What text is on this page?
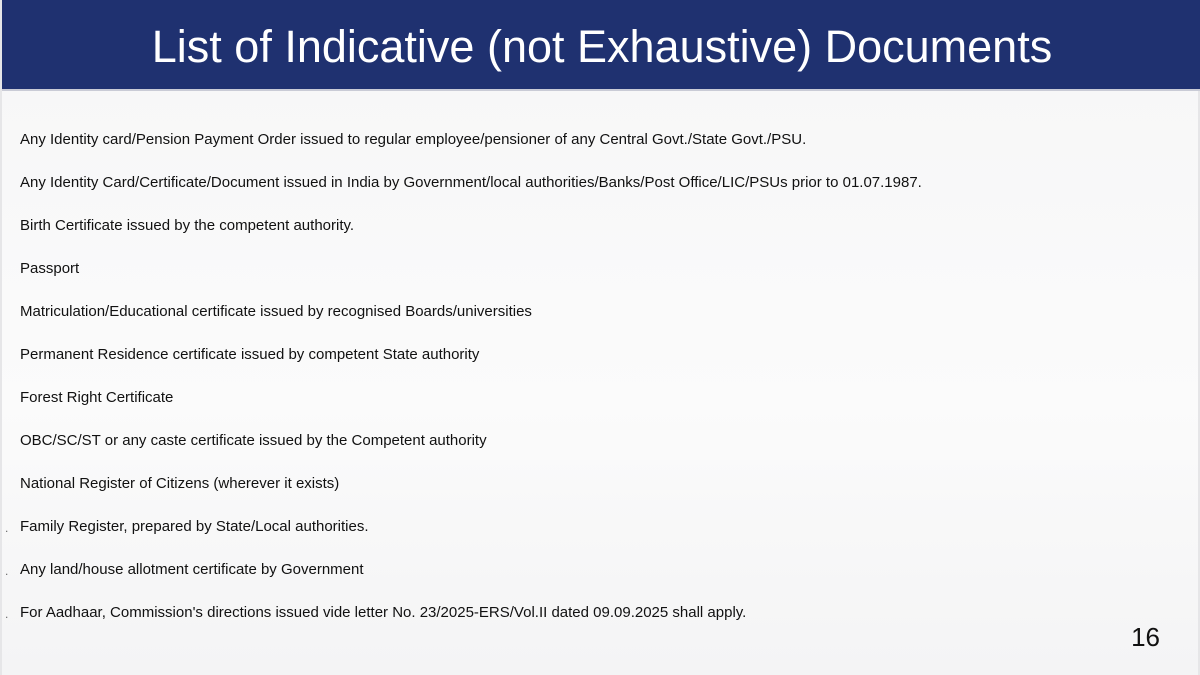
List of Indicative (not Exhaustive) Documents
Any Identity card/Pension Payment Order issued to regular employee/pensioner of any Central Govt./State Govt./PSU.
Any Identity Card/Certificate/Document issued in India by Government/local authorities/Banks/Post Office/LIC/PSUs prior to 01.07.1987.
Birth Certificate issued by the competent authority.
Passport
Matriculation/Educational certificate issued by recognised Boards/universities
Permanent Residence certificate issued by competent State authority
Forest Right Certificate
OBC/SC/ST or any caste certificate issued by the Competent authority
National Register of Citizens (wherever it exists)
. Family Register, prepared by State/Local authorities.
. Any land/house allotment certificate by Government
. For Aadhaar, Commission's directions issued vide letter No. 23/2025-ERS/Vol.II dated 09.09.2025 shall apply.
16
